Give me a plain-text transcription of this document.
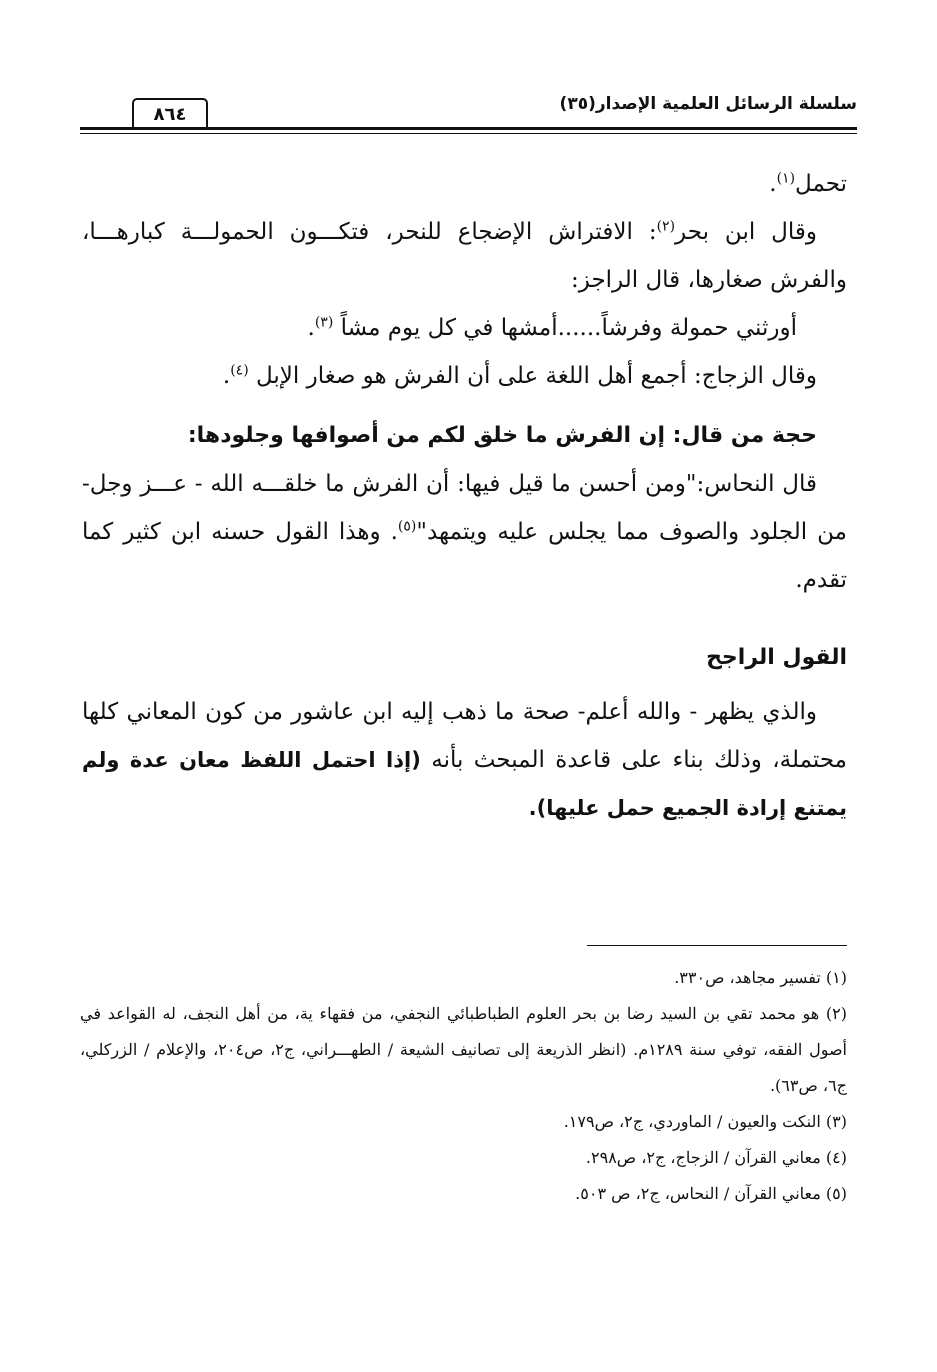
سلسلة الرسائل العلمية الإصدار(٣٥)
٨٦٤

تحمل$^{(١)}$.

وقال ابن بحر$^{(٢)}$: الافتراش الإضجاع للنحر، فتكـــون الحمولـــة كبارهـــا، والفرش صغارها، قال الراجز:

أورثني حمولة وفرشاً......أمشها في كل يوم مشاً $^{(٣)}$.

وقال الزجاج: أجمع أهل اللغة على أن الفرش هو صغار الإبل $^{(٤)}$.

حجة من قال: إن الفرش ما خلق لكم من أصوافها وجلودها:

قال النحاس:"ومن أحسن ما قيل فيها: أن الفرش ما خلقـــه الله - عـــز وجل- من الجلود والصوف مما يجلس عليه ويتمهد"$^{(٥)}$. وهذا القول حسنه ابن كثير كما تقدم.

القول الراجح

والذي يظهر - والله أعلم- صحة ما ذهب إليه ابن عاشور من كون المعاني كلها محتملة، وذلك بناء على قاعدة المبحث بأنه (إذا احتمل اللفظ معان عدة ولم يمتنع إرادة الجميع حمل عليها).

(١) تفسير مجاهد، ص٣٣٠.

(٢) هو محمد تقي بن السيد رضا بن بحر العلوم الطباطبائي النجفي، من فقهاء ية، من أهل النجف، له القواعد في أصول الفقه، توفي سنة ١٢٨٩م. (انظر الذريعة إلى تصانيف الشيعة / الطهـــراني، ج٢، ص٢٠٤، والإعلام / الزركلي، ج٦، ص٦٣).

(٣) النكت والعيون / الماوردي، ج٢، ص١٧٩.

(٤) معاني القرآن / الزجاج، ج٢، ص٢٩٨.

(٥) معاني القرآن / النحاس، ج٢، ص ٥٠٣.
